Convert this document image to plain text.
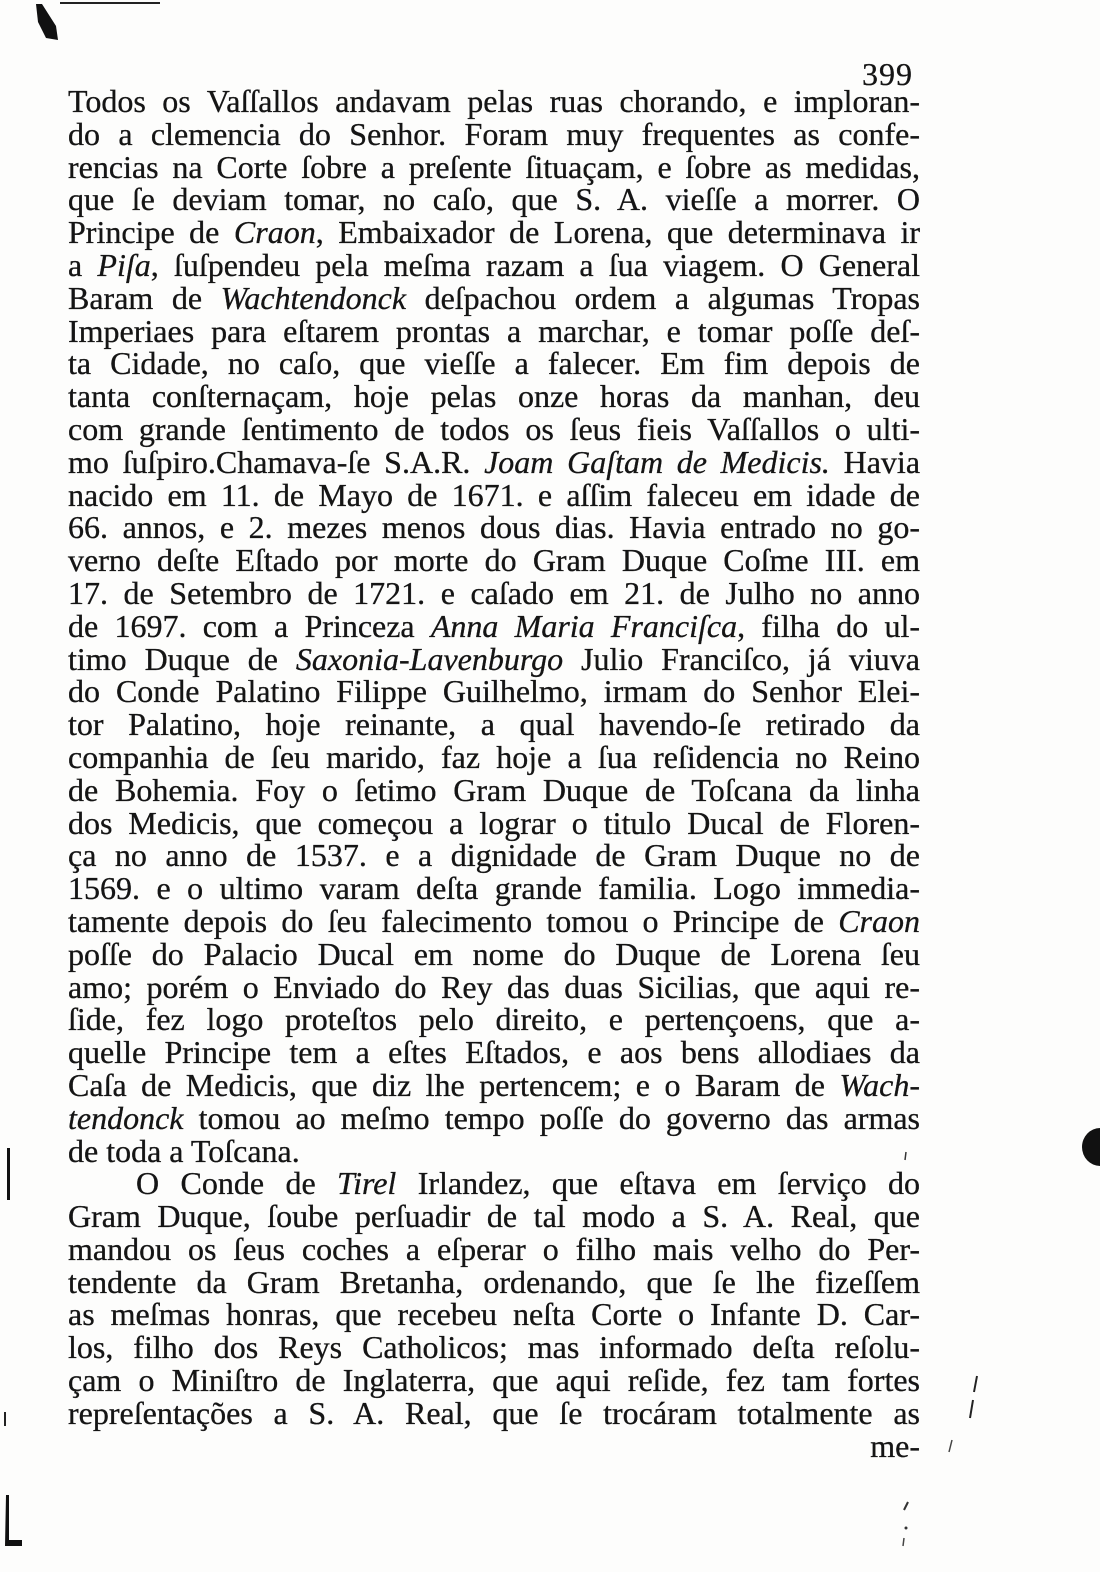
399
Todos os Vaſſallos andavam pelas ruas chorando, e imploran-
do a clemencia do Senhor. Foram muy frequentes as confe-
rencias na Corte ſobre a preſente ſituaçam, e ſobre as medidas,
que ſe deviam tomar, no caſo, que S. A. vieſſe a morrer. O
Principe de Craon, Embaixador de Lorena, que determinava ir
a Piſa, ſuſpendeu pela meſma razam a ſua viagem. O General
Baram de Wachtendonck deſpachou ordem a algumas Tropas
Imperiaes para eſtarem prontas a marchar, e tomar poſſe deſ-
ta Cidade, no caſo, que vieſſe a falecer. Em fim depois de
tanta conſternaçam, hoje pelas onze horas da manhan, deu
com grande ſentimento de todos os ſeus fieis Vaſſallos o ulti-
mo ſuſpiro.Chamava-ſe S.A.R. Joam Gaſtam de Medicis. Havia
nacido em 11. de Mayo de 1671. e aſſim faleceu em idade de
66. annos, e 2. mezes menos dous dias. Havia entrado no go-
verno deſte Eſtado por morte do Gram Duque Coſme III. em
17. de Setembro de 1721. e caſado em 21. de Julho no anno
de 1697. com a Princeza Anna Maria Franciſca, filha do ul-
timo Duque de Saxonia-Lavenburgo Julio Franciſco, já viuva
do Conde Palatino Filippe Guilhelmo, irmam do Senhor Elei-
tor Palatino, hoje reinante, a qual havendo-ſe retirado da
companhia de ſeu marido, faz hoje a ſua reſidencia no Reino
de Bohemia. Foy o ſetimo Gram Duque de Toſcana da linha
dos Medicis, que começou a lograr o titulo Ducal de Floren-
ça no anno de 1537. e a dignidade de Gram Duque no de
1569. e o ultimo varam deſta grande familia. Logo immedia-
tamente depois do ſeu falecimento tomou o Principe de Craon
poſſe do Palacio Ducal em nome do Duque de Lorena ſeu
amo; porém o Enviado do Rey das duas Sicilias, que aqui re-
ſide, fez logo proteſtos pelo direito, e pertençoens, que a-
quelle Principe tem a eſtes Eſtados, e aos bens allodiaes da
Caſa de Medicis, que diz lhe pertencem; e o Baram de Wach-
tendonck tomou ao meſmo tempo poſſe do governo das armas
de toda a Toſcana.
O Conde de Tirel Irlandez, que eſtava em ſerviço do
Gram Duque, ſoube perſuadir de tal modo a S. A. Real, que
mandou os ſeus coches a eſperar o filho mais velho do Per-
tendente da Gram Bretanha, ordenando, que ſe lhe fizeſſem
as meſmas honras, que recebeu neſta Corte o Infante D. Car-
los, filho dos Reys Catholicos; mas informado deſta reſolu-
çam o Miniſtro de Inglaterra, que aqui reſide, fez tam fortes
repreſentações a S. A. Real, que ſe trocáram totalmente as
me-
